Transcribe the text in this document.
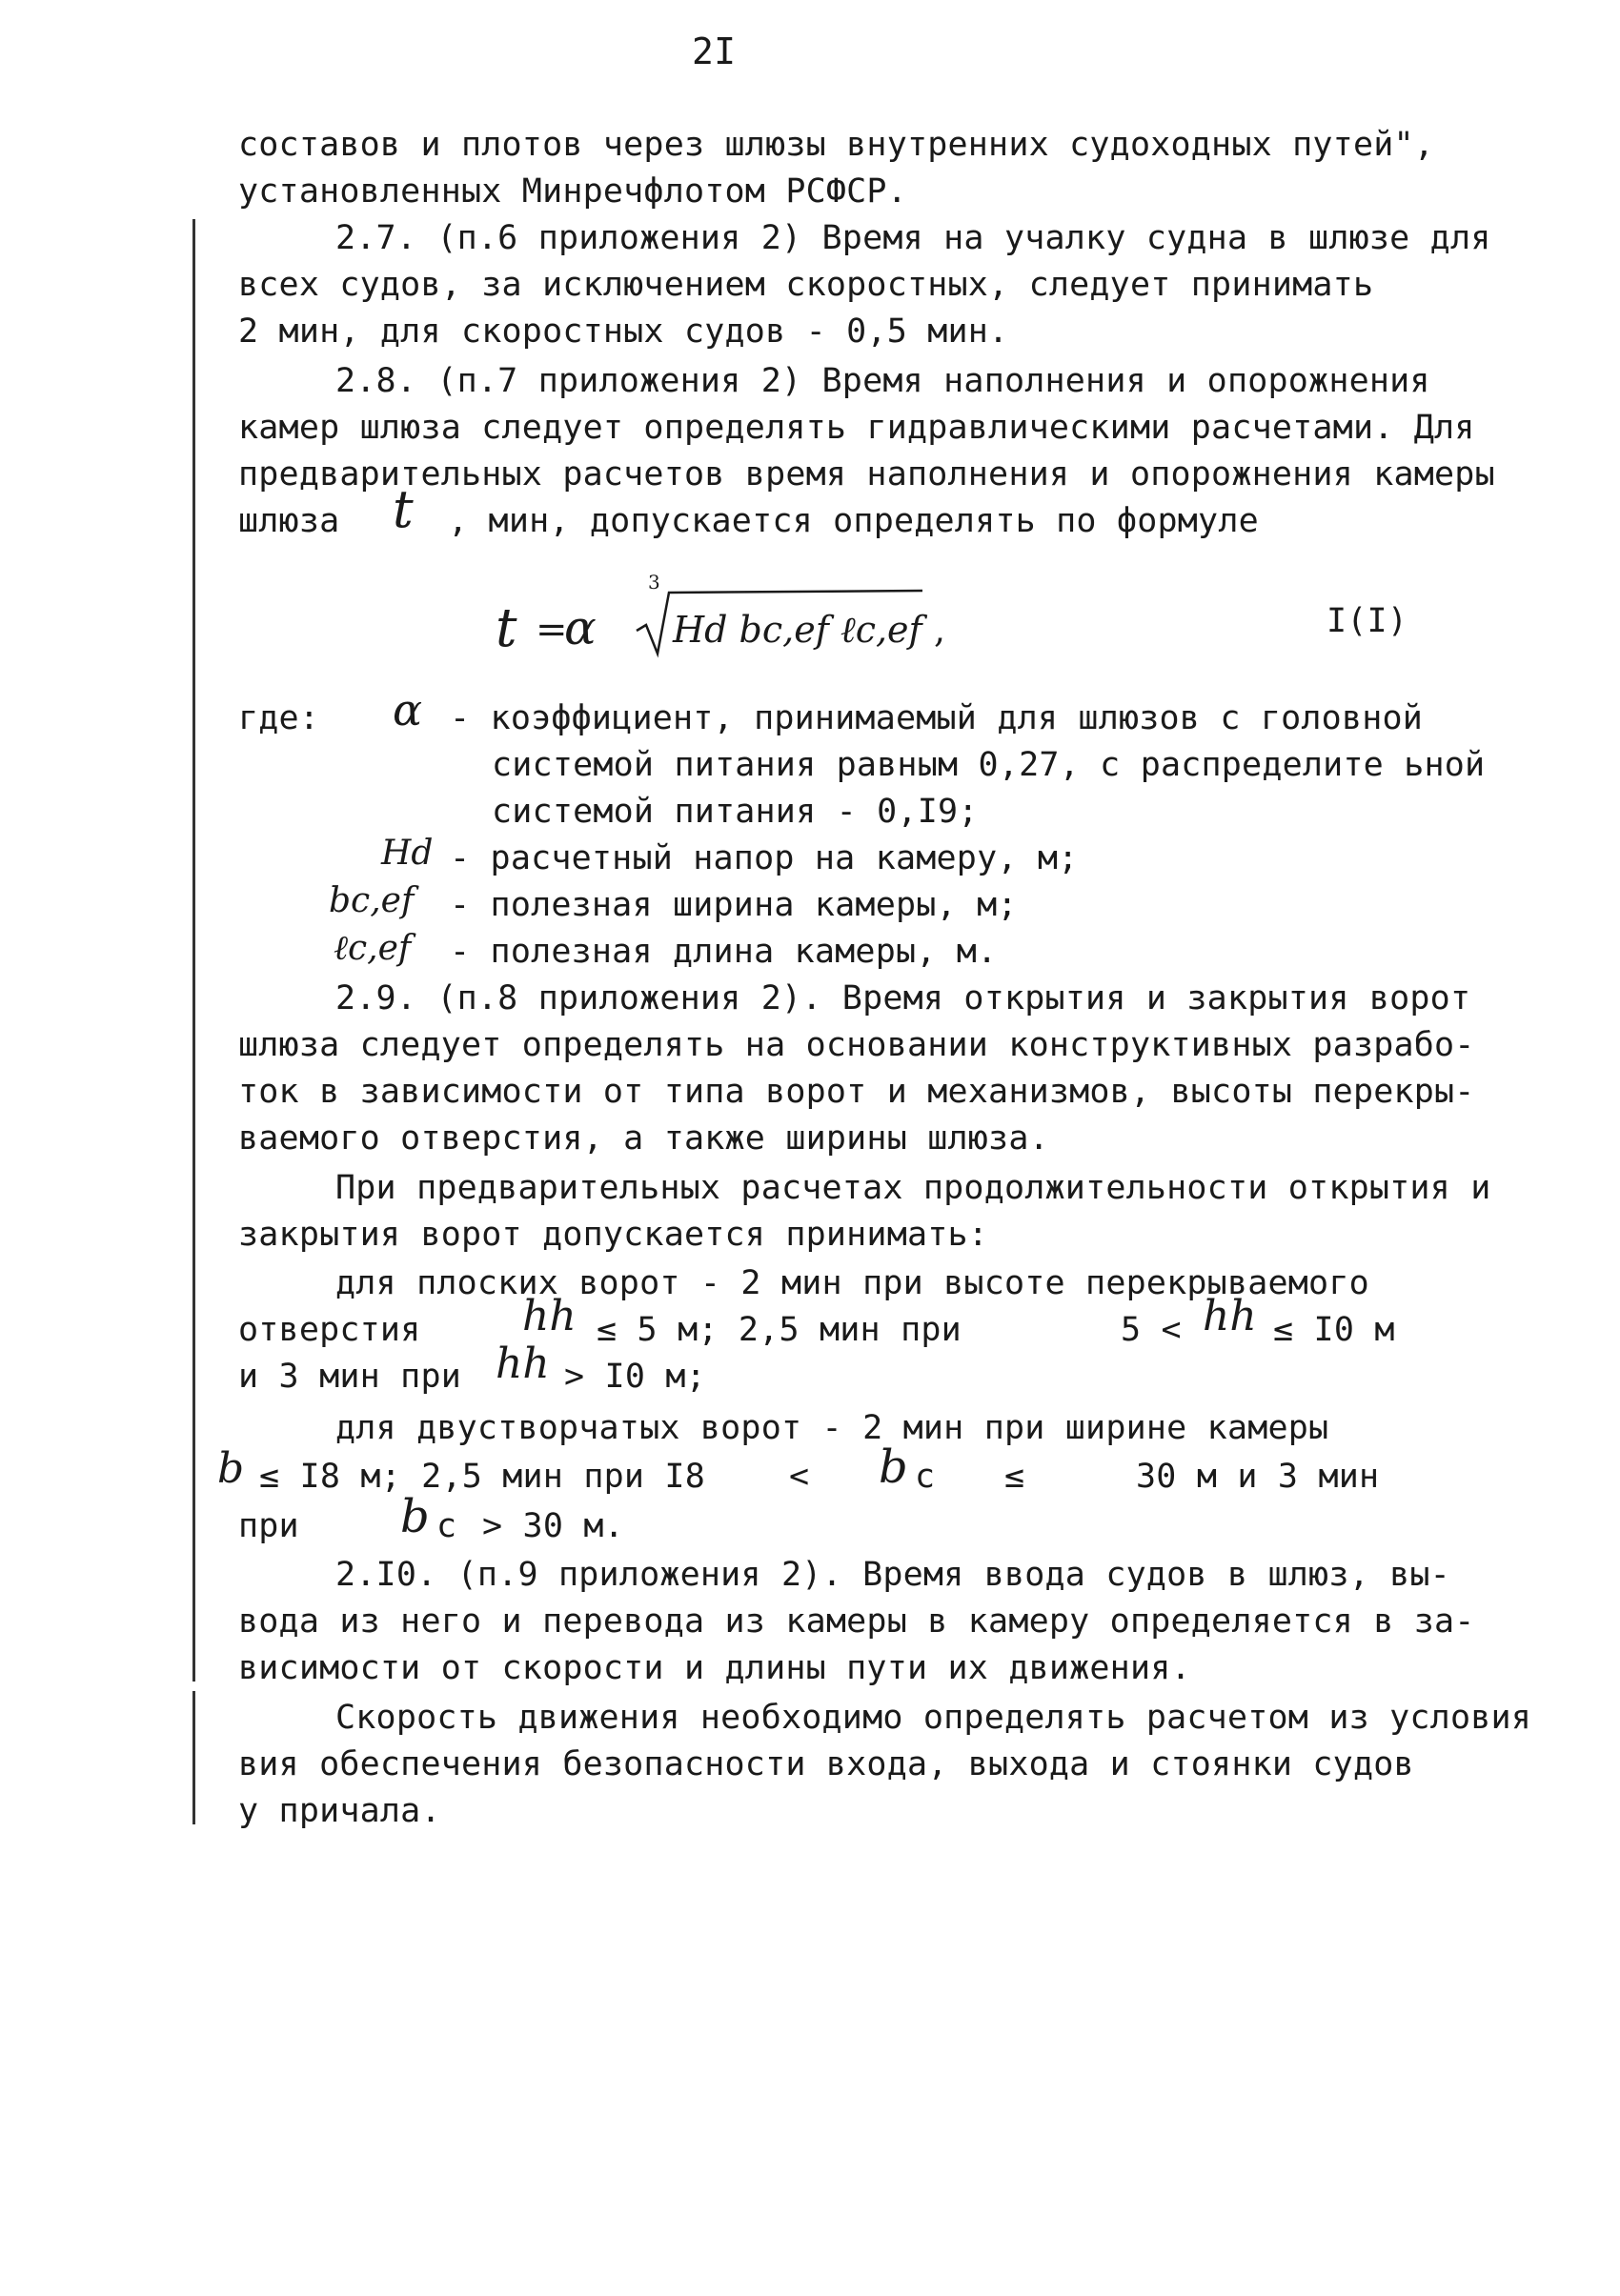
2I
составов и плотов через шлюзы внутренних судоходных путей",
установленных Минречфлотом РСФСР.
2.7. (п.6 приложения 2) Время на учалку судна в шлюзе для
всех судов, за исключением скоростных, следует принимать
2 мин, для скоростных судов - 0,5 мин.
2.8. (п.7 приложения 2) Время наполнения и опорожнения
камер шлюза следует определять гидравлическими расчетами. Для
предварительных расчетов время наполнения и опорожнения камеры
шлюза t , мин, допускается определять по формуле
t =
α
3
Hd bc,ef ℓc,ef ,	I(I)
где: α - коэффициент, принимаемый для шлюзов с головной
системой питания равным 0,27, с распределите ьной
системой питания - 0,I9;
Hd - расчетный напор на камеру, м;
bc,ef - полезная ширина камеры, м;
ℓc,ef - полезная длина камеры, м.
2.9. (п.8 приложения 2). Время открытия и закрытия ворот
шлюза следует определять на основании конструктивных разрабо-
ток в зависимости от типа ворот и механизмов, высоты перекры-
ваемого отверстия, а также ширины шлюза.
При предварительных расчетах продолжительности открытия и
закрытия ворот допускается принимать:
для плоских ворот - 2 мин при высоте перекрываемого
отверстия hh ≤ 5 м; 2,5 мин при	5 < hh ≤ I0 м
и 3 мин при hh > I0 м;
для двустворчатых ворот - 2 мин при ширине камеры
b ≤ I8 м; 2,5 мин при I8	< b c ≤	30 м и 3 мин
при b c > 30 м.
2.I0. (п.9 приложения 2). Время ввода судов в шлюз, вы-
вода из него и перевода из камеры в камеру определяется в за-
висимости от скорости и длины пути их движения.
Скорость движения необходимо определять расчетом из условия
вия обеспечения безопасности входа, выхода и стоянки судов
у причала.
